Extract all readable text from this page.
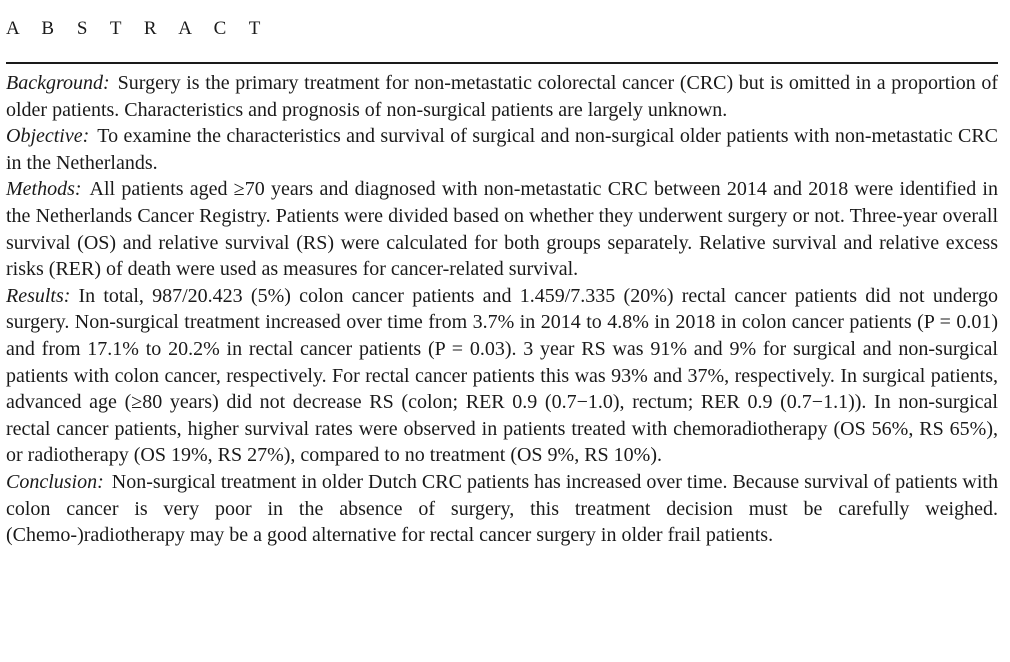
A B S T R A C T

Background: Surgery is the primary treatment for non-metastatic colorectal cancer (CRC) but is omitted in a proportion of older patients. Characteristics and prognosis of non-surgical patients are largely unknown.

Objective: To examine the characteristics and survival of surgical and non-surgical older patients with non-metastatic CRC in the Netherlands.

Methods: All patients aged ≥70 years and diagnosed with non-metastatic CRC between 2014 and 2018 were identified in the Netherlands Cancer Registry. Patients were divided based on whether they underwent surgery or not. Three-year overall survival (OS) and relative survival (RS) were calculated for both groups separately. Relative survival and relative excess risks (RER) of death were used as measures for cancer-related survival.

Results: In total, 987/20.423 (5%) colon cancer patients and 1.459/7.335 (20%) rectal cancer patients did not undergo surgery. Non-surgical treatment increased over time from 3.7% in 2014 to 4.8% in 2018 in colon cancer patients (P = 0.01) and from 17.1% to 20.2% in rectal cancer patients (P = 0.03). 3 year RS was 91% and 9% for surgical and non-surgical patients with colon cancer, respectively. For rectal cancer patients this was 93% and 37%, respectively. In surgical patients, advanced age (≥80 years) did not decrease RS (colon; RER 0.9 (0.7−1.0), rectum; RER 0.9 (0.7−1.1)). In non-surgical rectal cancer patients, higher survival rates were observed in patients treated with chemoradiotherapy (OS 56%, RS 65%), or radiotherapy (OS 19%, RS 27%), compared to no treatment (OS 9%, RS 10%).

Conclusion: Non-surgical treatment in older Dutch CRC patients has increased over time. Because survival of patients with colon cancer is very poor in the absence of surgery, this treatment decision must be carefully weighed. (Chemo-)radiotherapy may be a good alternative for rectal cancer surgery in older frail patients.
